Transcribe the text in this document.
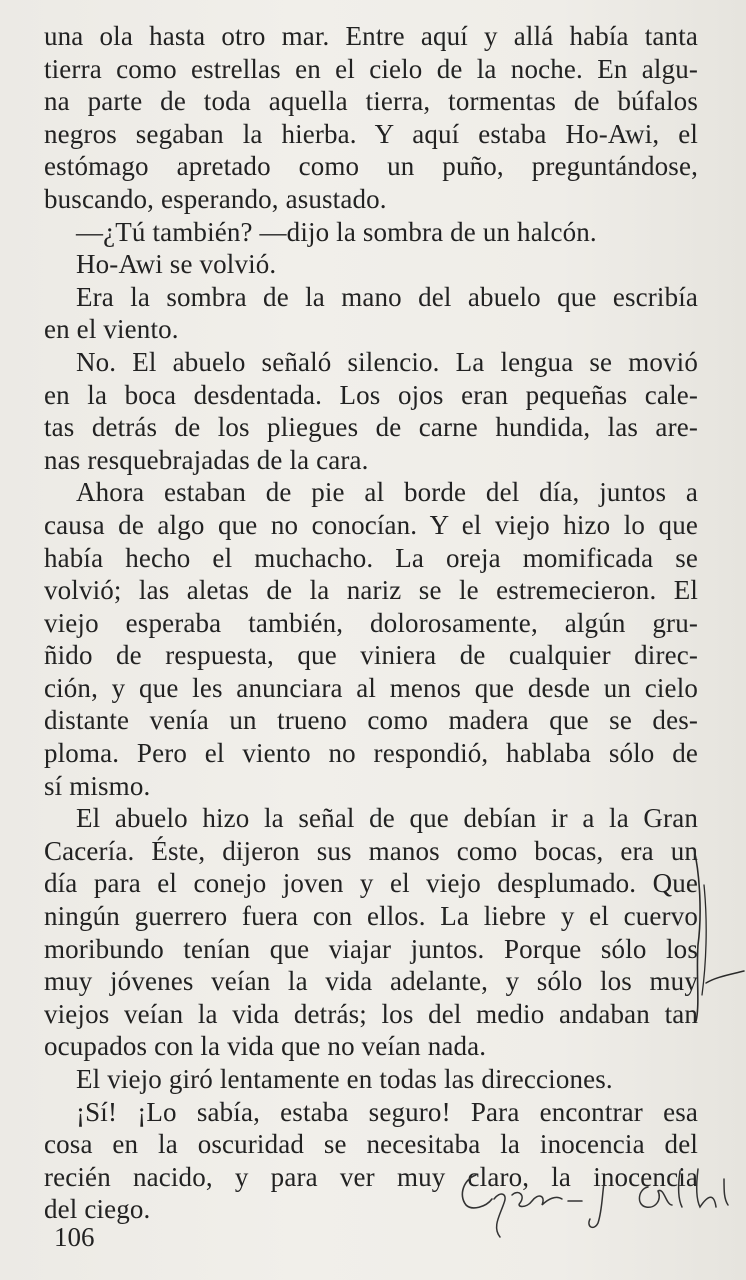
una ola hasta otro mar. Entre aquí y allá había tanta
tierra como estrellas en el cielo de la noche. En algu-
na parte de toda aquella tierra, tormentas de búfalos
negros segaban la hierba. Y aquí estaba Ho-Awi, el
estómago apretado como un puño, preguntándose,
buscando, esperando, asustado.
—¿Tú también? —dijo la sombra de un halcón.
Ho-Awi se volvió.
Era la sombra de la mano del abuelo que escribía
en el viento.
No. El abuelo señaló silencio. La lengua se movió
en la boca desdentada. Los ojos eran pequeñas cale-
tas detrás de los pliegues de carne hundida, las are-
nas resquebrajadas de la cara.
Ahora estaban de pie al borde del día, juntos a
causa de algo que no conocían. Y el viejo hizo lo que
había hecho el muchacho. La oreja momificada se
volvió; las aletas de la nariz se le estremecieron. El
viejo esperaba también, dolorosamente, algún gru-
ñido de respuesta, que viniera de cualquier direc-
ción, y que les anunciara al menos que desde un cielo
distante venía un trueno como madera que se des-
ploma. Pero el viento no respondió, hablaba sólo de
sí mismo.
El abuelo hizo la señal de que debían ir a la Gran
Cacería. Éste, dijeron sus manos como bocas, era un
día para el conejo joven y el viejo desplumado. Que
ningún guerrero fuera con ellos. La liebre y el cuervo
moribundo tenían que viajar juntos. Porque sólo los
muy jóvenes veían la vida adelante, y sólo los muy
viejos veían la vida detrás; los del medio andaban tan
ocupados con la vida que no veían nada.
El viejo giró lentamente en todas las direcciones.
¡Sí! ¡Lo sabía, estaba seguro! Para encontrar esa
cosa en la oscuridad se necesitaba la inocencia del
recién nacido, y para ver muy claro, la inocencia
del ciego.
106
